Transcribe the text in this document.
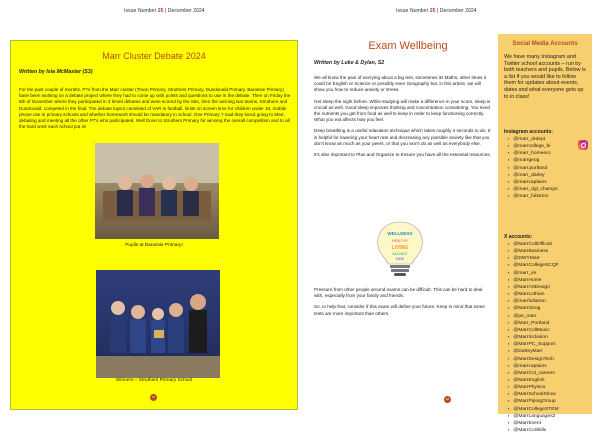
Issue Number 25 | December 2024	Issue Number 25 | December 2024
Marr Cluster Debate 2024
Written by Isla McMaster (S3)
For the past couple of months, P7s from the Marr cluster (Troon Primary, Struthers Primary, Dundonald Primary, Barassie Primary) have been working on a debate project where they had to come up with points and questions to use in the debate. Then on Friday the 8th of November where they participated in 3 timed debates and were scored by the S6s, then the winning two teams, Struthers and Dundonald, competed in the final. The debate topics consisted of VAR in football, limits on screen time for children under 16, mobile phone use in primary schools and whether homework should be mandatory in school. One Primary 7 said they loved going to Marr, debating and meeting all the other P7's who participated. Well Done to Struthers Primary for winning the overall competition and to all the hard work each school put in!
Pupils at Barassie Primary!
Winners – Struthers Primary School
17
Exam Wellbeing
Written by Luke & Dylan, S2

We all know the pain of worrying about a big test, sometimes its Maths, other times it could be English or Science or possibly even Geography but, in this article, we will show you how to reduce anxiety or stress.

Get sleep the night before. While studying will make a difference in your score, sleep is crucial as well. Good sleep improves thinking and concentration considering. You need the nutrients you get from food as well to keep in order to keep functioning correctly. What you eat affects how you feel.

Deep breathing is a useful relaxation technique which takes roughly 4 seconds to do. It is helpful for lowering your heart rate and decreasing any possible anxiety like that you don't know as much as your peers, or that you won't do as well as everybody else.

It's also important to Plan and Organize to Ensure you have all the essential resources.

WELLNESS
HEALTHY
LIVING
BALANCE
MIND

Pressure from other people around exams can be difficult. This can be hard to deal with, especially from your family and friends.

So, to help that, consider if this exam will define your future. Keep in mind that some tests are more important than others.

18
Social Media Accounts
We have many Instagram and Twitter school accounts – run by both teachers and pupils. Below is a list if you would like to follow them for updates about events, dates and what everyone gets up to in class!
Instagram accounts:
▪ @marr_drdept
▪ @marrcollege_bi
▪ @marr_homeecc
▪ @marrgeog
▪ @marr.portland
▪ @marr_darley
▪ @marrcaptains
▪ @marr_dgl_champs
▪ @marr_fullarton
X accounts:
▪ @MarrCollOfficial
▪ @MarrBusiness
▪ @DWYMarr
▪ @MarrCollegeSCQF
▪ @marr_es
▪ @MarrHome
▪ @MarrArtDesign
▪ @MarrLothian
▪ @marrfullarton
▪ @MarrGeog
▪ @pe_marr
▪ @Marr_Portland
▪ @MarrCollMusic
▪ @MarrInclusion
▪ @MarrPC_Support
▪ @DarleyMarr
▪ @MarrDesignTech
▪ @marrcaptains
▪ @MarrCol_careers
▪ @MarrEnglish
▪ @MarrPhysics
▪ @MarrSchoolShow
▪ @MarrPipingGroup
▪ @MarrCollegeSTEM
▪ @MarrLanguages2
▪ @MarrEvent
▪ @MarrCoSkills
